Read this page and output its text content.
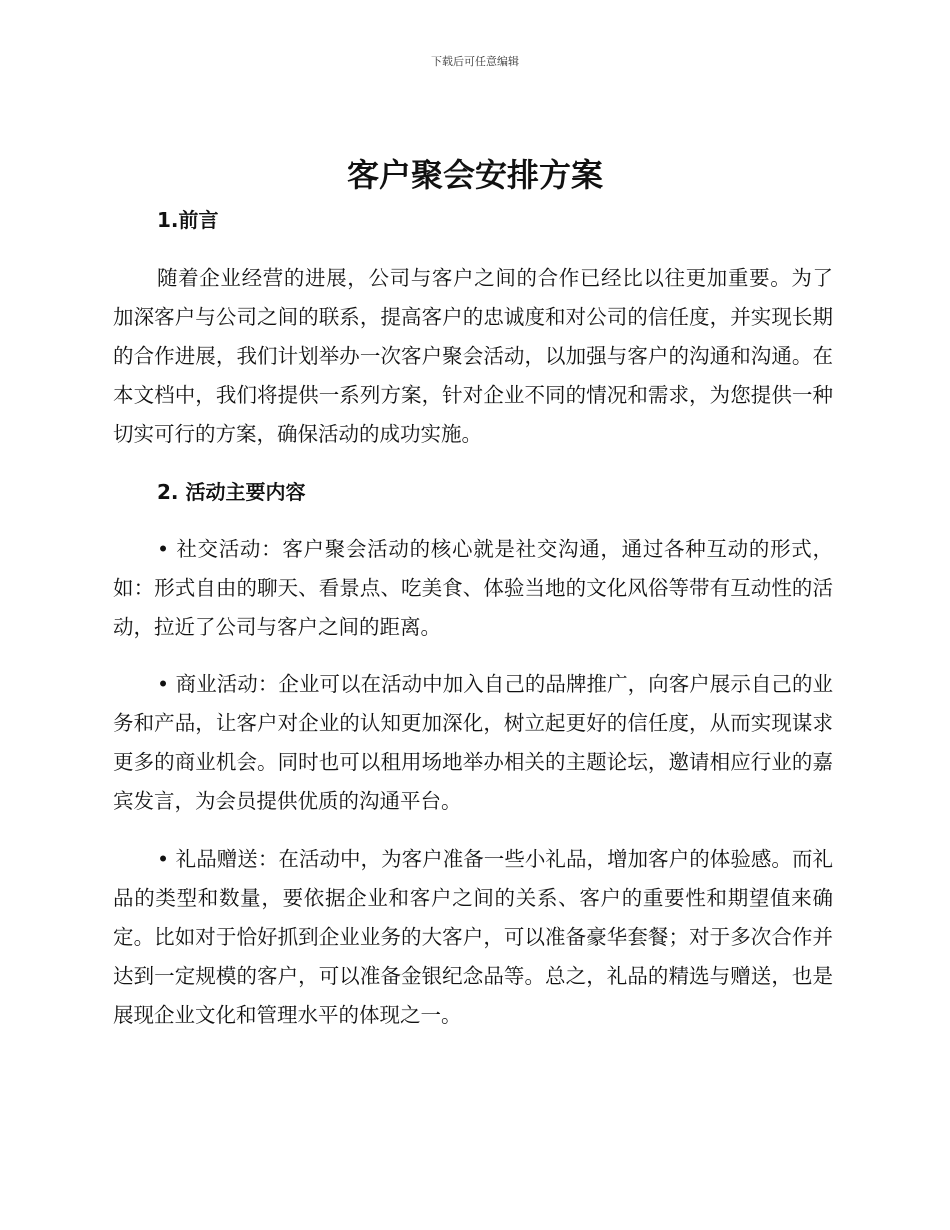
下载后可任意编辑
客户聚会安排方案
1.前言

随着企业经营的进展，公司与客户之间的合作已经比以往更加重要。为了加深客户与公司之间的联系，提高客户的忠诚度和对公司的信任度，并实现长期的合作进展，我们计划举办一次客户聚会活动，以加强与客户的沟通和沟通。在本文档中，我们将提供一系列方案，针对企业不同的情况和需求，为您提供一种切实可行的方案，确保活动的成功实施。

2. 活动主要内容

• 社交活动：客户聚会活动的核心就是社交沟通，通过各种互动的形式，如：形式自由的聊天、看景点、吃美食、体验当地的文化风俗等带有互动性的活动，拉近了公司与客户之间的距离。

• 商业活动：企业可以在活动中加入自己的品牌推广，向客户展示自己的业务和产品，让客户对企业的认知更加深化，树立起更好的信任度，从而实现谋求更多的商业机会。同时也可以租用场地举办相关的主题论坛，邀请相应行业的嘉宾发言，为会员提供优质的沟通平台。

• 礼品赠送：在活动中，为客户准备一些小礼品，增加客户的体验感。而礼品的类型和数量，要依据企业和客户之间的关系、客户的重要性和期望值来确定。比如对于恰好抓到企业业务的大客户，可以准备豪华套餐；对于多次合作并达到一定规模的客户，可以准备金银纪念品等。总之，礼品的精选与赠送，也是展现企业文化和管理水平的体现之一。
